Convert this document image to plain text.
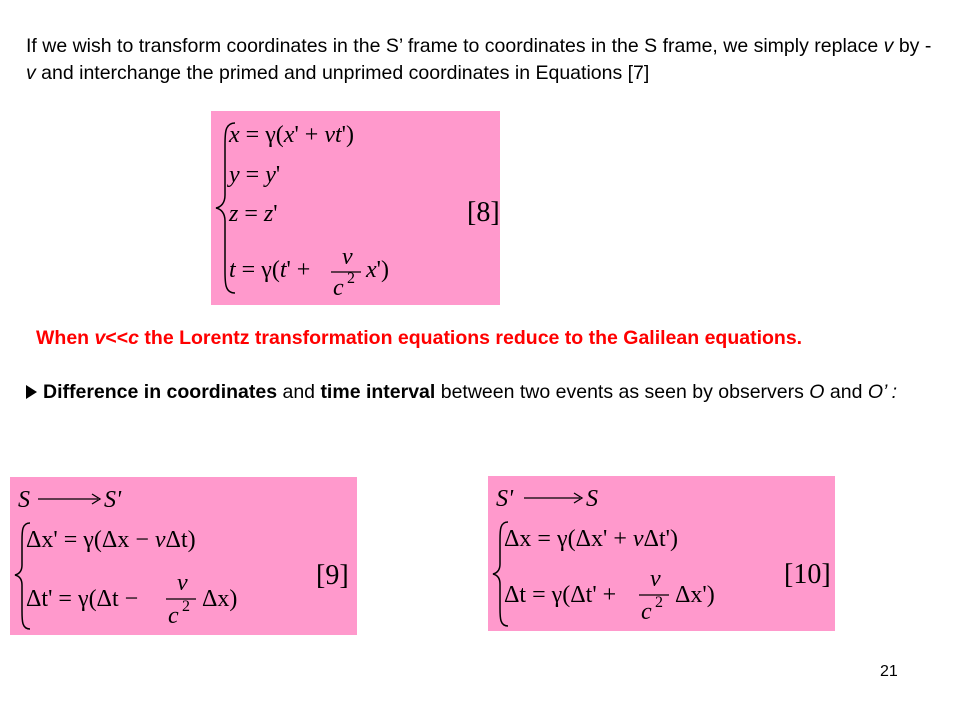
If we wish to transform coordinates in the S’ frame to coordinates in the S frame, we simply replace v by -v and interchange the primed and unprimed coordinates in Equations [7]
x = γ(x' + vt')
y = y'
z = z'
t = γ(t' + v
c 2 x')
[8]
When v<<c the Lorentz transformation equations reduce to the Galilean equations.
Difference in coordinates and time interval between two events as seen by observers O and O’ :
S	S'
Δx' = γ(Δx − vΔt)
Δt' = γ(Δt −
v
c 2 Δx)
[9]
S'	S
Δx = γ(Δx' + vΔt')
Δt = γ(Δt' +
v
c 2 Δx')
[10]
21
